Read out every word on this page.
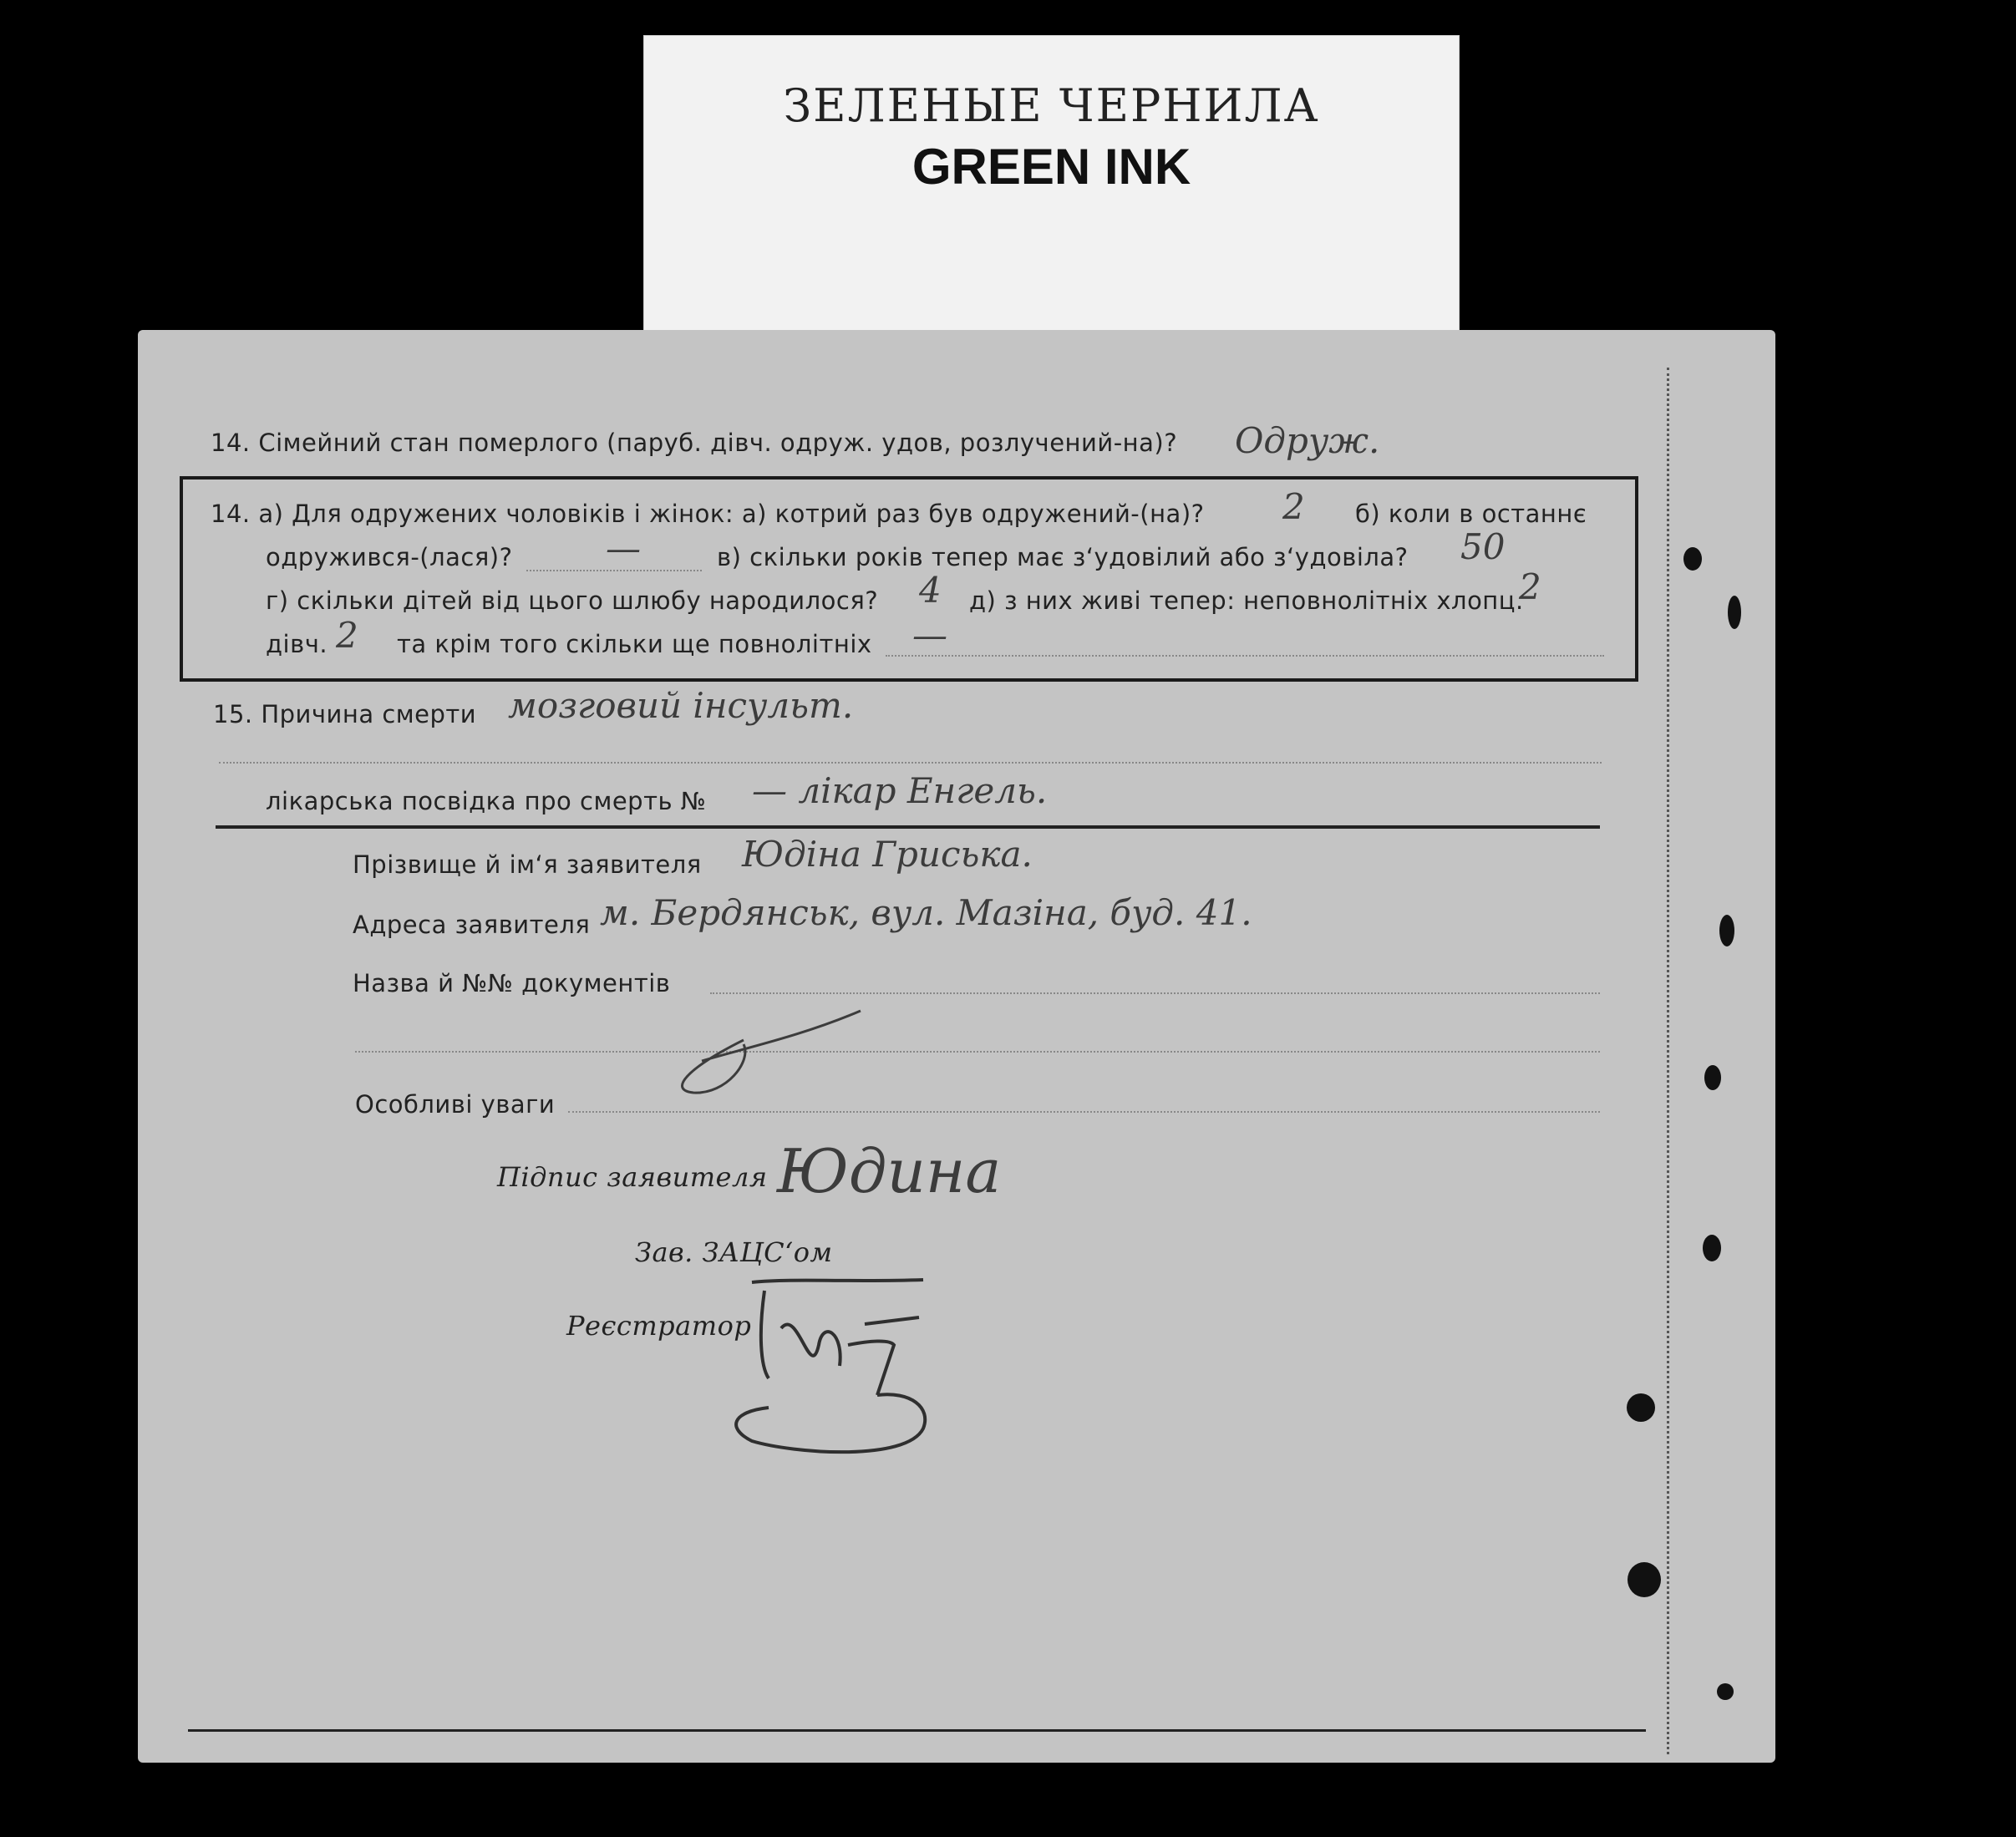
ЗЕЛЕНЫЕ ЧЕРНИЛА
GREEN INK
14. Сімейний стан померлого (паруб. дівч. одруж. удов, розлучений-на)? Одруж.
14. а) Для одружених чоловіків і жінок: а) котрий раз був одружений-(на)? 2 б) коли в останнє
одружився-(лася)?	—	в) скільки років тепер має з‘удовілий або з‘удовіла? 50
г) скільки дітей від цього шлюбу народилося? 4 д) з них живі тепер: неповнолітніх хлопц.
2
дівч. 2 та крім того скільки ще повнолітніх —
15. Причина смерти мозговий інсульт.
лікарська посвідка про смерть № — лікар Енгель.
Прізвище й ім‘я заявителя Юдіна Гриська.
Адреса заявителя м. Бердянськ, вул. Мазіна, буд. 41.
Назва й №№ документів
Особливі уваги
Підпис заявителя Юдина
Зав. ЗАЦС‘ом
Реєстратор
